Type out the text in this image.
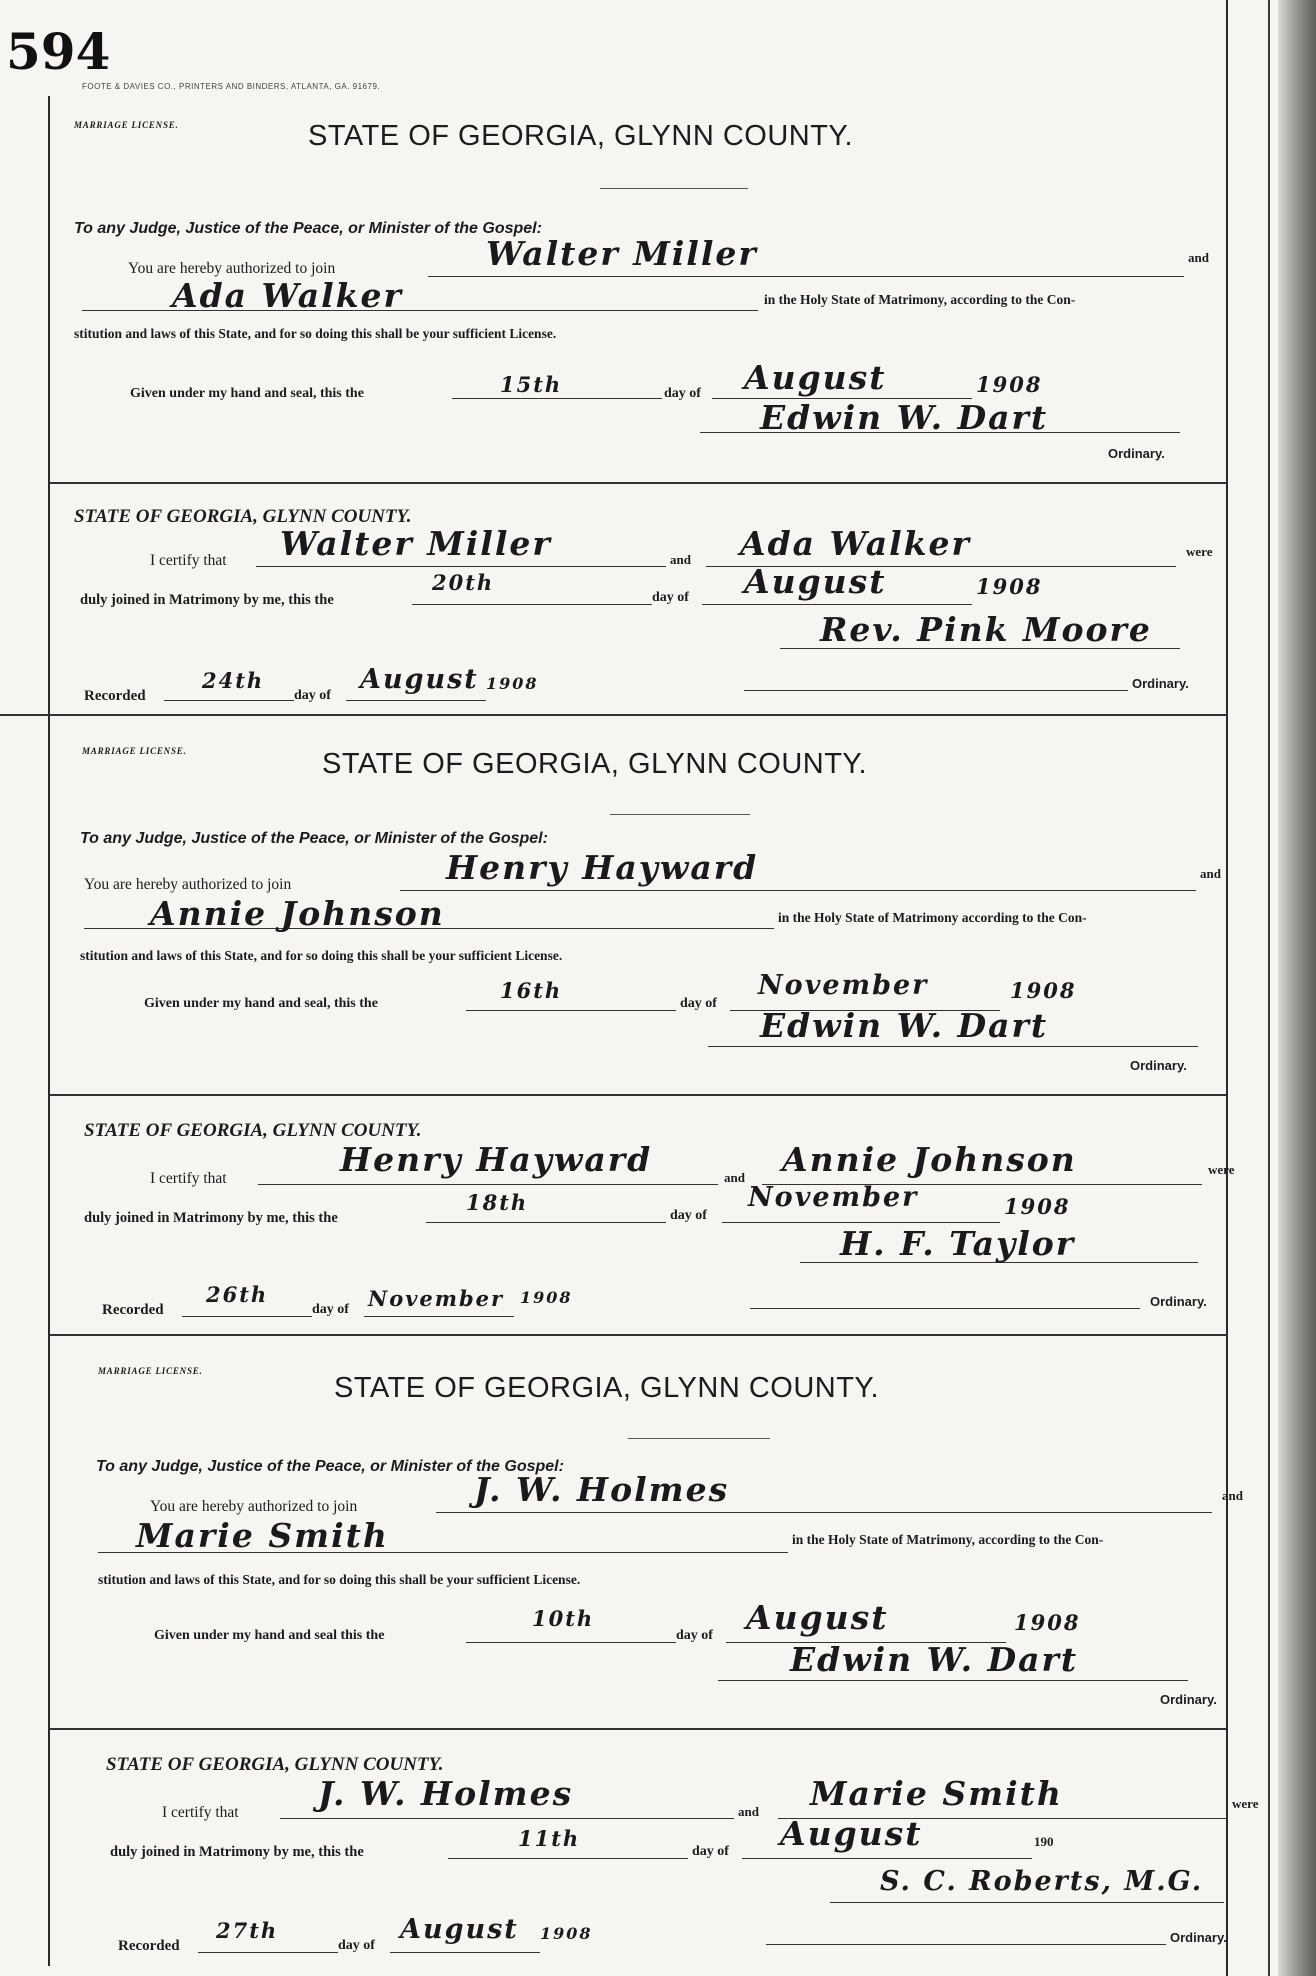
594
FOOTE & DAVIES CO., PRINTERS AND BINDERS, ATLANTA, GA. 91679.
MARRIAGE LICENSE.	STATE OF GEORGIA, GLYNN COUNTY.
To any Judge, Justice of the Peace, or Minister of the Gospel:
You are hereby authorized to join	Walter Miller	and
Ada Walker	in the Holy State of Matrimony, according to the Con-
stitution and laws of this State, and for so doing this shall be your sufficient License.
Given under my hand and seal, this the	15th	day of August	1908
Edwin W. Dart
Ordinary.
STATE OF GEORGIA, GLYNN COUNTY.
I certify that Walter Miller	and Ada Walker	were
duly joined in Matrimony by me, this the
20th
day of August	1908
Rev. Pink Moore
Recorded
24th
day of
August 1908	Ordinary.
MARRIAGE LICENSE.	STATE OF GEORGIA, GLYNN COUNTY.
To any Judge, Justice of the Peace, or Minister of the Gospel:
You are hereby authorized to join	Henry Hayward	and
Annie Johnson	in the Holy State of Matrimony according to the Con-
stitution and laws of this State, and for so doing this shall be your sufficient License.
Given under my hand and seal, this the
16th
day of
November	1908
Edwin W. Dart
Ordinary.
STATE OF GEORGIA, GLYNN COUNTY.
I certify that	Henry Hayward	and Annie Johnson	were
duly joined in Matrimony by me, this the
18th
day of
November	1908
H. F. Taylor
Recorded
26th
day of November 1908	Ordinary.
MARRIAGE LICENSE.
STATE OF GEORGIA, GLYNN COUNTY.
To any Judge, Justice of the Peace, or Minister of the Gospel:
You are hereby authorized to join	J. W. Holmes	and
Marie Smith	in the Holy State of Matrimony, according to the Con-
stitution and laws of this State, and for so doing this shall be your sufficient License.
Given under my hand and seal this the
10th
day of August	1908
Edwin W. Dart
Ordinary.
STATE OF GEORGIA, GLYNN COUNTY.
I certify that J. W. Holmes	and Marie Smith	were
duly joined in Matrimony by me, this the
11th
day of August	190
S. C. Roberts, M.G.
Recorded
27th
day of
August 1908	Ordinary.
